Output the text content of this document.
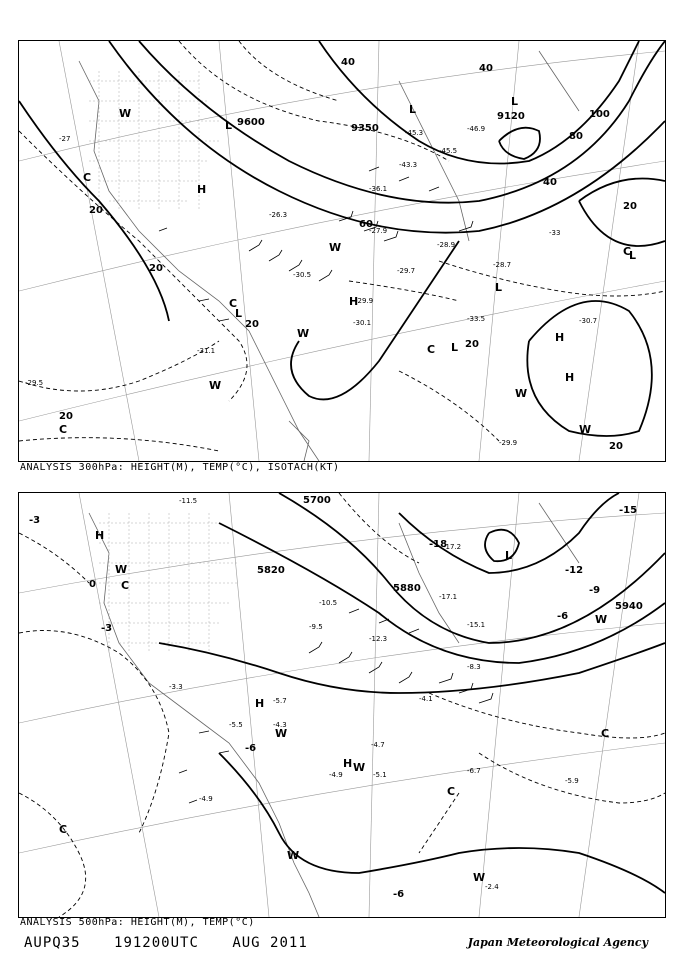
9600
9120
9350
40
60
80
100
40
20
20
20
20
20
20
40
20
H
H
H
H
L
L
L
L
L
L
L
W
W
W
W
W
W
C
C
C
C
C
-27
-26.3
-27.9
-28.9
-29.7
-29.9
-30.1	-30.7
-33.5
-45.5
-46.9
-43.3
-28.7
-31.1
-29.5
-29.9
-30.5
-45.3
-36.1
-33
ANALYSIS 300hPa: HEIGHT(M), TEMP(°C), ISOTACH(KT)
5700
5820
5880
5940
-18
-15
-12
-9
-6
-3
-6
-3
0
-6
H
H
H
L
W
W
W
W
W
W
C
C
C
C
-11.5
-10.5
-12.3
-17.2
-17.1
-15.1
-8.3
-4.1
-4.7
-4.9	-5.1	-6.7
-5.9
-4.9
-3.3
-5.5	-4.3
-9.5
-5.7
-2.4
ANALYSIS 500hPa: HEIGHT(M), TEMP(°C)
AUPQ35 191200UTC AUG 2011	Japan Meteorological Agency
